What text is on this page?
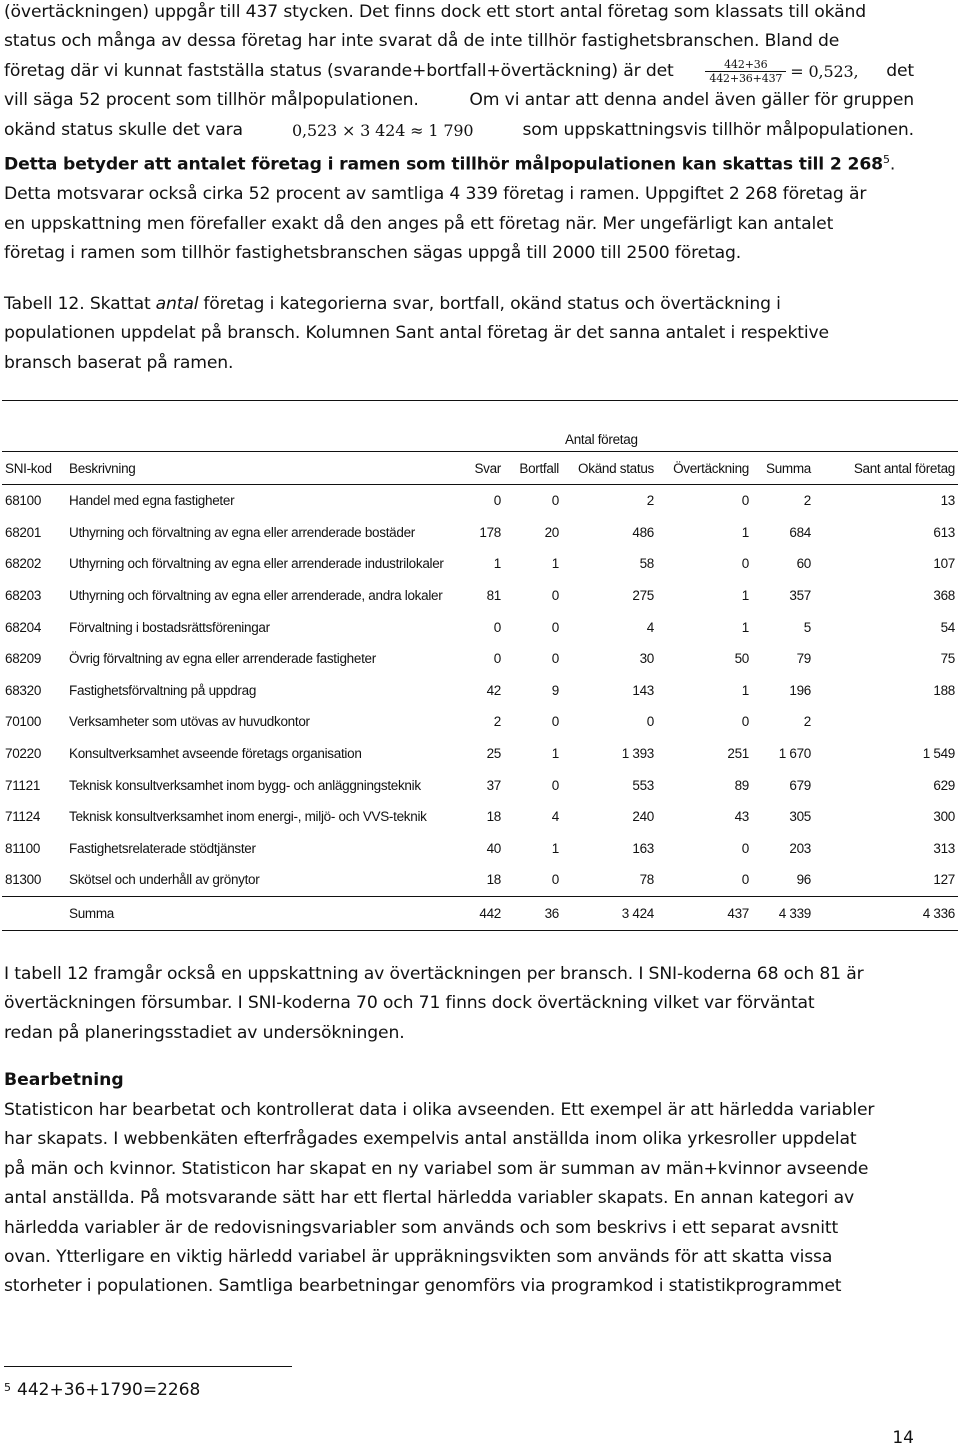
(övertäckningen) uppgår till 437 stycken. Det finns dock ett stort antal företag som klassats till okänd
status och många av dessa företag har inte svarat då de inte tillhör fastighetsbranschen. Bland de
företag där vi kunnat fastställa status (svarande+bortfall+övertäckning) är det	$\frac{442+36}{442+36+437} = 0,523$, det
vill säga 52 procent som tillhör målpopulationen.	Om vi antar att denna andel även gäller för gruppen
okänd status skulle det vara	0,523 × 3 424 ≈ 1 790	som uppskattningsvis tillhör målpopulationen.
Detta betyder att antalet företag i ramen som tillhör målpopulationen kan skattas till 2 $268^5$.
Detta motsvarar också cirka 52 procent av samtliga 4 339 företag i ramen. Uppgiftet 2 268 företag är
en uppskattning men förefaller exakt då den anges på ett företag när. Mer ungefärligt kan antalet
företag i ramen som tillhör fastighetsbranschen sägas uppgå till 2000 till 2500 företag.
Tabell 12. Skattat antal företag i kategorierna svar, bortfall, okänd status och övertäckning i
populationen uppdelat på bransch. Kolumnen Sant antal företag är det sanna antalet i respektive
bransch baserat på ramen.

		Antal företag					
SNI-kod	Beskrivning	Svar	Bortfall	Okänd status	Övertäckning	Summa	Sant antal företag
68100	Handel med egna fastigheter	0	0	2	0	2	13
68201	Uthyrning och förvaltning av egna eller arrenderade bostäder	178	20	486	1	684	613
68202	Uthyrning och förvaltning av egna eller arrenderade industrilokaler	1	1	58	0	60	107
68203	Uthyrning och förvaltning av egna eller arrenderade, andra lokaler	81	0	275	1	357	368
68204	Förvaltning i bostadsrättsföreningar	0	0	4	1	5	54
68209	Övrig förvaltning av egna eller arrenderade fastigheter	0	0	30	50	79	75
68320	Fastighetsförvaltning på uppdrag	42	9	143	1	196	188
70100	Verksamheter som utövas av huvudkontor	2	0	0	0	2	
70220	Konsultverksamhet avseende företags organisation	25	1	1 393	251	1 670	1 549
71121	Teknisk konsultverksamhet inom bygg- och anläggningsteknik	37	0	553	89	679	629
71124	Teknisk konsultverksamhet inom energi-, miljö- och VVS-teknik	18	4	240	43	305	300
81100	Fastighetsrelaterade stödtjänster	40	1	163	0	203	313
81300	Skötsel och underhåll av grönytor	18	0	78	0	96	127
	Summa	442	36	3 424	437	4 339	4 336
I tabell 12 framgår också en uppskattning av övertäckningen per bransch. I SNI-koderna 68 och 81 är
övertäckningen försumbar. I SNI-koderna 70 och 71 finns dock övertäckning vilket var förväntat
redan på planeringsstadiet av undersökningen.
Bearbetning
Statisticon har bearbetat och kontrollerat data i olika avseenden. Ett exempel är att härledda variabler
har skapats. I webbenkäten efterfrågades exempelvis antal anställda inom olika yrkesroller uppdelat
på män och kvinnor. Statisticon har skapat en ny variabel som är summan av män+kvinnor avseende
antal anställda. På motsvarande sätt har ett flertal härledda variabler skapats. En annan kategori av
härledda variabler är de redovisningsvariabler som används och som beskrivs i ett separat avsnitt
ovan. Ytterligare en viktig härledd variabel är uppräkningsvikten som används för att skatta vissa
storheter i populationen. Samtliga bearbetningar genomförs via programkod i statistikprogrammet
$^5$ 442+36+1790=2268
14
